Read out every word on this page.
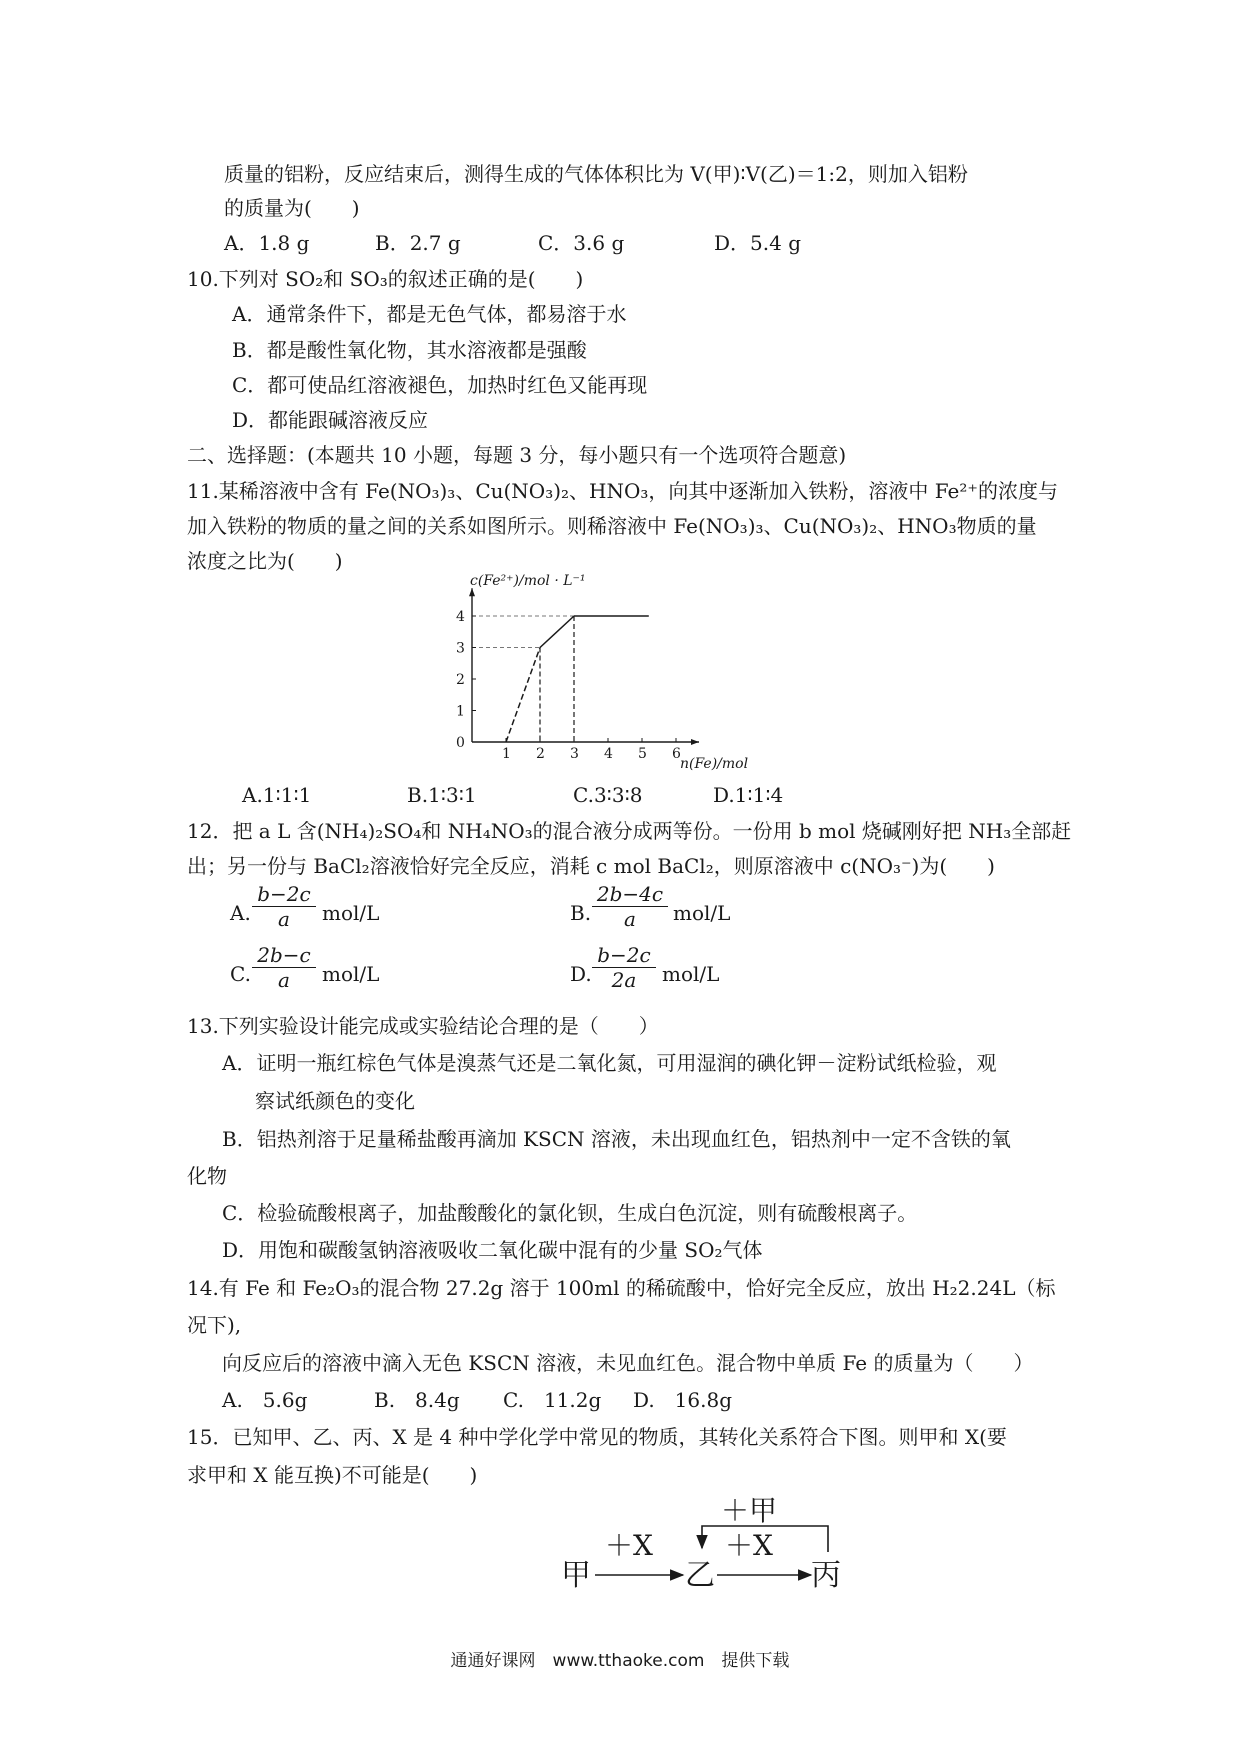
质量的铝粉，反应结束后，测得生成的气体体积比为 V(甲)∶V(乙)＝1:2，则加入铝粉
的质量为(　　)
A．1.8 g	B．2.7 g	C．3.6 g	D．5.4 g
10.下列对 SO₂和 SO₃的叙述正确的是(　　)
A．通常条件下，都是无色气体，都易溶于水
B．都是酸性氧化物，其水溶液都是强酸
C．都可使品红溶液褪色，加热时红色又能再现
D．都能跟碱溶液反应
二、选择题：(本题共 10 小题，每题 3 分，每小题只有一个选项符合题意)
11.某稀溶液中含有 Fe(NO₃)₃、Cu(NO₃)₂、HNO₃，向其中逐渐加入铁粉，溶液中 Fe²⁺的浓度与
加入铁粉的物质的量之间的关系如图所示。则稀溶液中 Fe(NO₃)₃、Cu(NO₃)₂、HNO₃物质的量
浓度之比为(　　)
1 2 3 4 5 6
0
1
2
3
4
c(Fe²⁺)/mol · L⁻¹
n(Fe)/mol
A.1∶1∶1	B.1∶3∶1	C.3∶3∶8	D.1∶1∶4
12．把 a L 含(NH₄)₂SO₄和 NH₄NO₃的混合液分成两等份。一份用 b mol 烧碱刚好把 NH₃全部赶
出；另一份与 BaCl₂溶液恰好完全反应，消耗 c mol BaCl₂，则原溶液中 c(NO₃⁻)为(　　)
A. $\frac{b-2c}{a} mol/L$	B. $\frac{2b-4c}{a} mol/L$
C. $\frac{2b-c}{a} mol/L$	D. $\frac{b-2c}{2a} mol/L$
13.下列实验设计能完成或实验结论合理的是（　　）
A．证明一瓶红棕色气体是溴蒸气还是二氧化氮，可用湿润的碘化钾－淀粉试纸检验，观
察试纸颜色的变化
B．铝热剂溶于足量稀盐酸再滴加 KSCN 溶液，未出现血红色，铝热剂中一定不含铁的氧
化物
C．检验硫酸根离子，加盐酸酸化的氯化钡，生成白色沉淀，则有硫酸根离子。
D．用饱和碳酸氢钠溶液吸收二氧化碳中混有的少量 SO₂气体
14.有 Fe 和 Fe₂O₃的混合物 27.2g 溶于 100ml 的稀硫酸中，恰好完全反应，放出 H₂2.24L（标
况下),
向反应后的溶液中滴入无色 KSCN 溶液，未见血红色。混合物中单质 Fe 的质量为（　　）
A.　5.6g	B.　8.4g C.　11.2g D.　16.8g
15．已知甲、乙、丙、X 是 4 种中学化学中常见的物质，其转化关系符合下图。则甲和 X(要
求甲和 X 能互换)不可能是(　　)
甲
＋X
乙
＋X
丙
＋甲
通通好课网　www.tthaoke.com　提供下载
